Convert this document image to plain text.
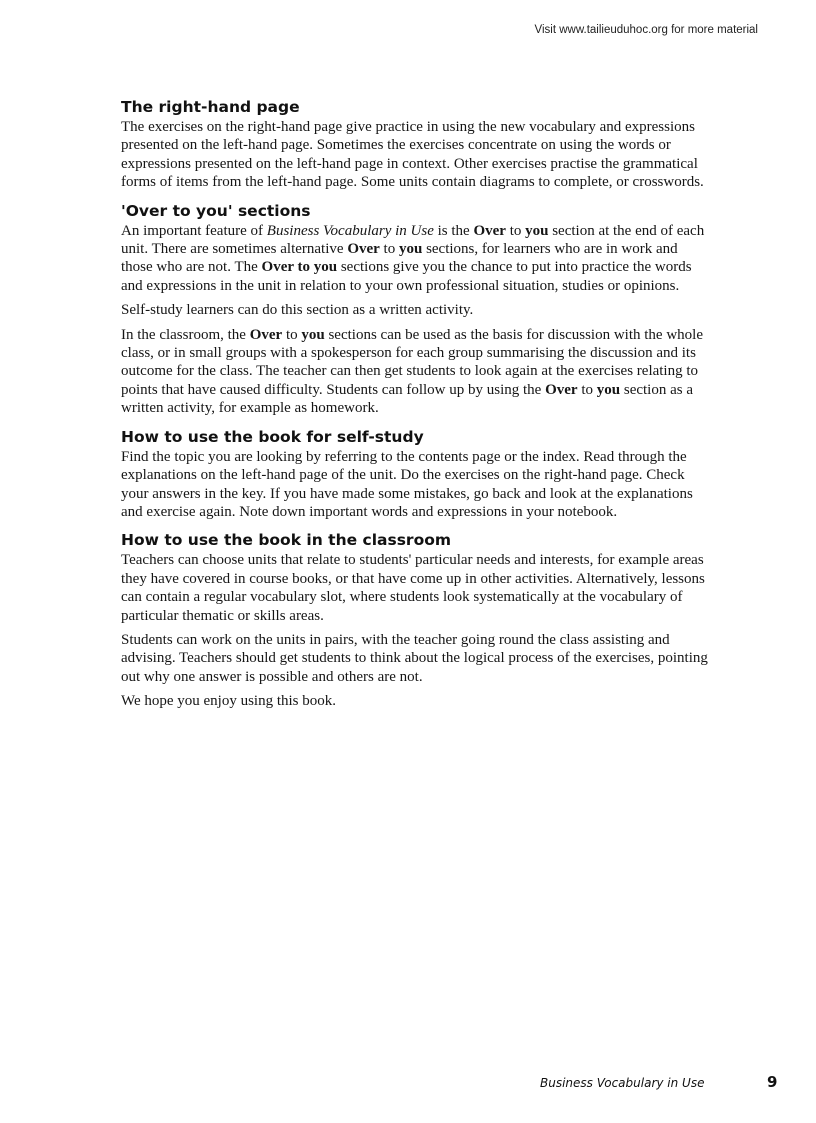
Visit www.tailieuduhoc.org for more material
The right-hand page

The exercises on the right-hand page give practice in using the new vocabulary and expressions presented on the left-hand page. Sometimes the exercises concentrate on using the words or expressions presented on the left-hand page in context. Other exercises practise the grammatical forms of items from the left-hand page. Some units contain diagrams to complete, or crosswords.

'Over to you' sections

An important feature of Business Vocabulary in Use is the Over to you section at the end of each unit. There are sometimes alternative Over to you sections, for learners who are in work and those who are not. The Over to you sections give you the chance to put into practice the words and expressions in the unit in relation to your own professional situation, studies or opinions.

Self-study learners can do this section as a written activity.

In the classroom, the Over to you sections can be used as the basis for discussion with the whole class, or in small groups with a spokesperson for each group summarising the discussion and its outcome for the class. The teacher can then get students to look again at the exercises relating to points that have caused difficulty. Students can follow up by using the Over to you section as a written activity, for example as homework.

How to use the book for self-study

Find the topic you are looking by referring to the contents page or the index. Read through the explanations on the left-hand page of the unit. Do the exercises on the right-hand page. Check your answers in the key. If you have made some mistakes, go back and look at the explanations and exercise again. Note down important words and expressions in your notebook.

How to use the book in the classroom

Teachers can choose units that relate to students' particular needs and interests, for example areas they have covered in course books, or that have come up in other activities. Alternatively, lessons can contain a regular vocabulary slot, where students look systematically at the vocabulary of particular thematic or skills areas.

Students can work on the units in pairs, with the teacher going round the class assisting and advising. Teachers should get students to think about the logical process of the exercises, pointing out why one answer is possible and others are not.

We hope you enjoy using this book.

Business Vocabulary in Use	9
